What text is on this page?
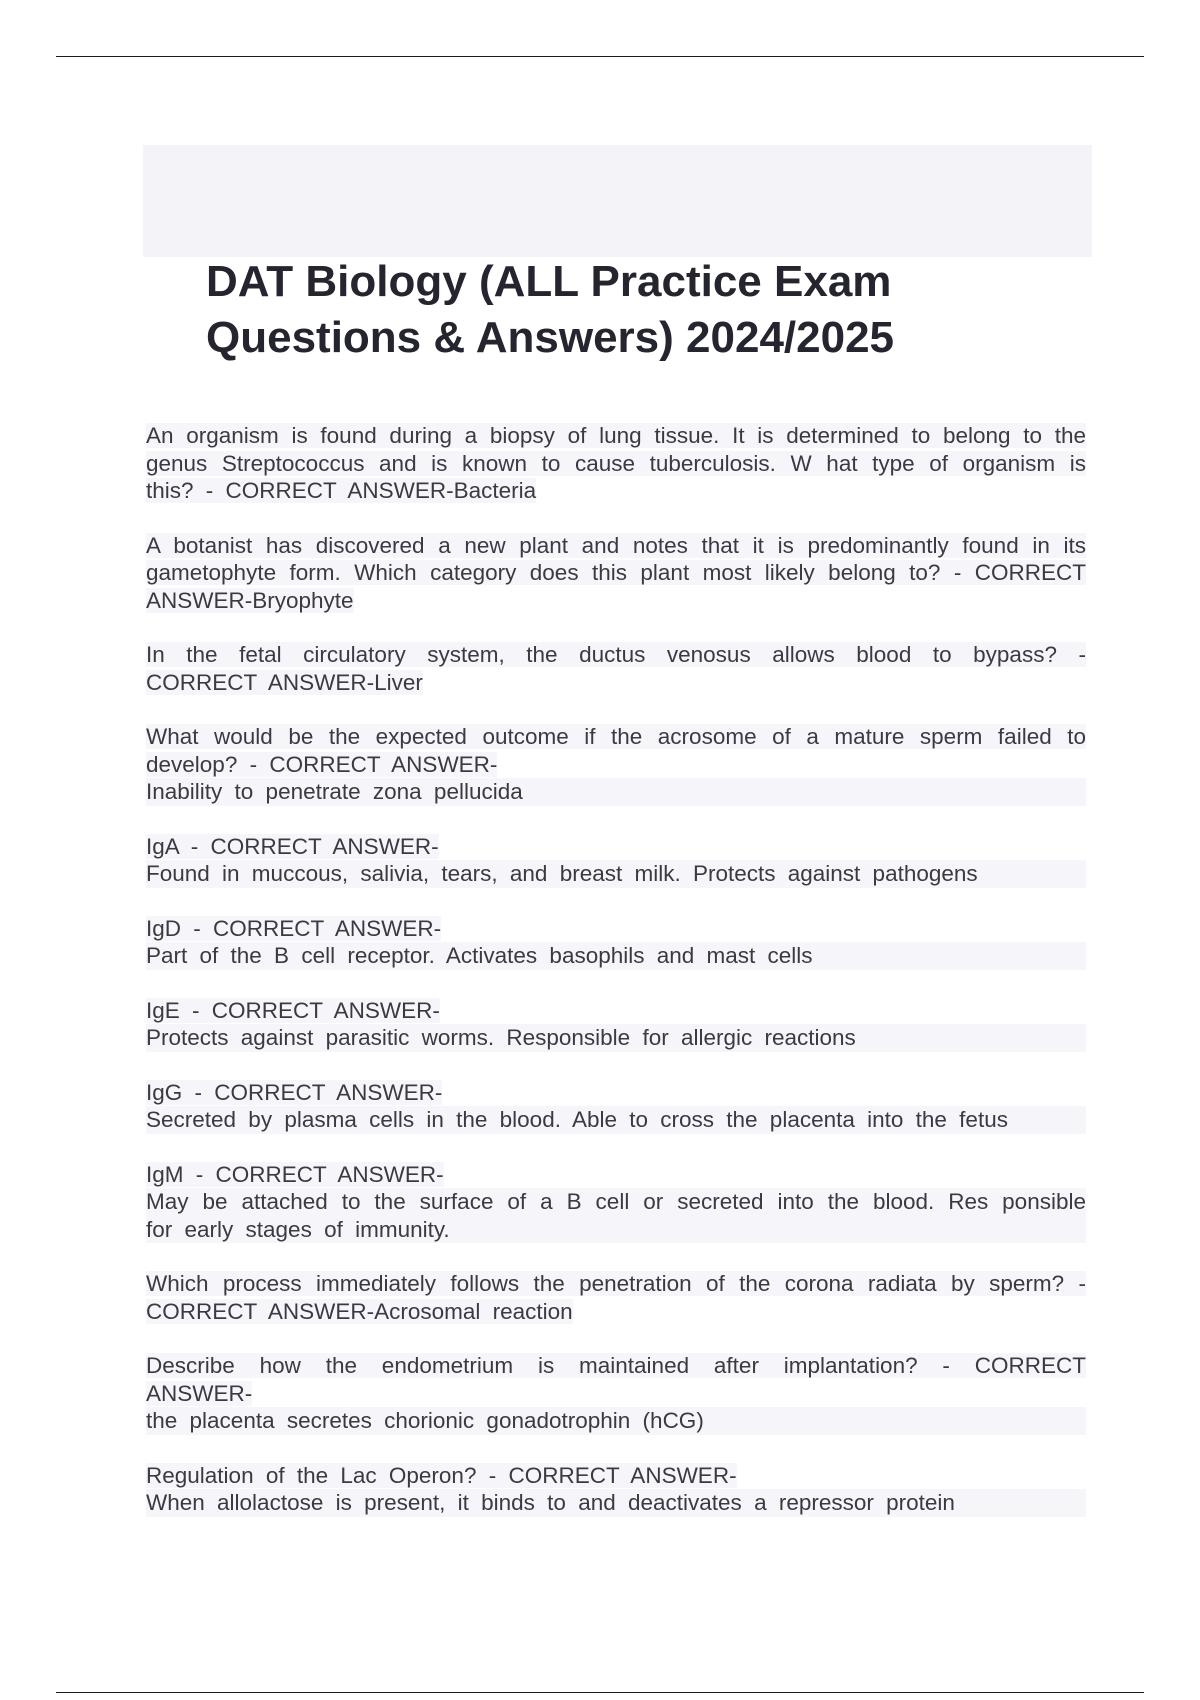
DAT Biology (ALL Practice Exam
Questions & Answers) 2024/2025

An organism is found during a biopsy of lung tissue. It is determined to belong to the genus Streptococcus and is known to cause tuberculosis. W hat type of organism is this? - CORRECT ANSWER-Bacteria

A botanist has discovered a new plant and notes that it is predominantly found in its gametophyte form. Which category does this plant most likely belong to? - CORRECT ANSWER-Bryophyte

In the fetal circulatory system, the ductus venosus allows blood to bypass? - CORRECT ANSWER-Liver

What would be the expected outcome if the acrosome of a mature sperm failed to develop? - CORRECT ANSWER-
Inability to penetrate zona pellucida

IgA - CORRECT ANSWER-
Found in muccous, salivia, tears, and breast milk. Protects against pathogens

IgD - CORRECT ANSWER-
Part of the B cell receptor. Activates basophils and mast cells

IgE - CORRECT ANSWER-
Protects against parasitic worms. Responsible for allergic reactions

IgG - CORRECT ANSWER-
Secreted by plasma cells in the blood. Able to cross the placenta into the fetus

IgM - CORRECT ANSWER-
May be attached to the surface of a B cell or secreted into the blood. Res ponsible for early stages of immunity.

Which process immediately follows the penetration of the corona radiata by sperm? - CORRECT ANSWER-Acrosomal reaction

Describe how the endometrium is maintained after implantation? - CORRECT ANSWER-
the placenta secretes chorionic gonadotrophin (hCG)

Regulation of the Lac Operon? - CORRECT ANSWER-
When allolactose is present, it binds to and deactivates a repressor protein
